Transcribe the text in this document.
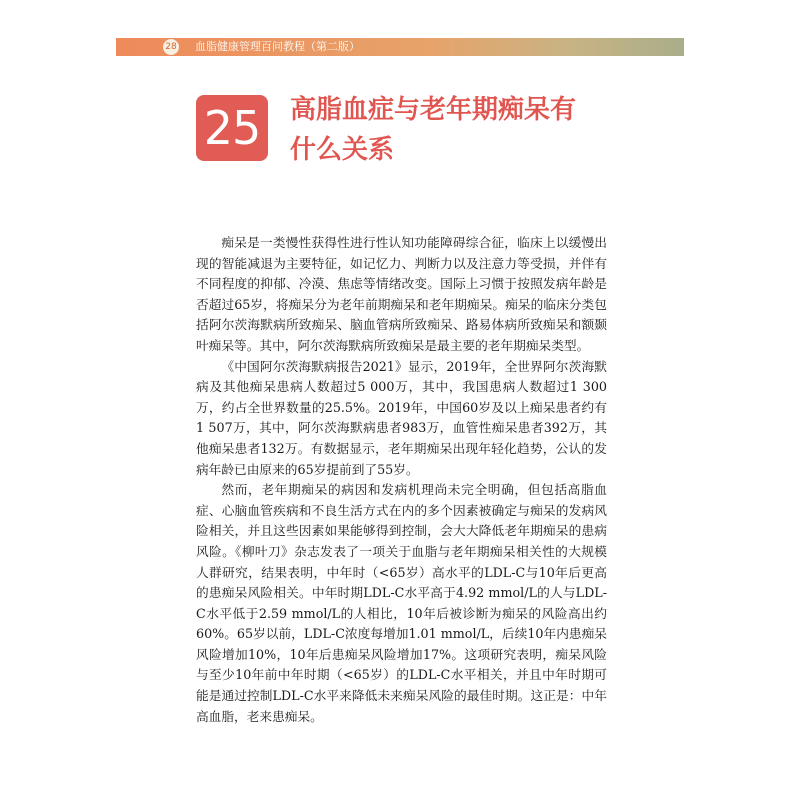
28 血脂健康管理百问教程（第二版）
25 高脂血症与老年期痴呆有
什么关系

痴呆是一类慢性获得性进行性认知功能障碍综合征，临床上以缓慢出现的智能减退为主要特征，如记忆力、判断力以及注意力等受损，并伴有不同程度的抑郁、冷漠、焦虑等情绪改变。国际上习惯于按照发病年龄是否超过65岁，将痴呆分为老年前期痴呆和老年期痴呆。痴呆的临床分类包括阿尔茨海默病所致痴呆、脑血管病所致痴呆、路易体病所致痴呆和额颞叶痴呆等。其中，阿尔茨海默病所致痴呆是最主要的老年期痴呆类型。

《中国阿尔茨海默病报告2021》显示，2019年，全世界阿尔茨海默病及其他痴呆患病人数超过5 000万，其中，我国患病人数超过1 300万，约占全世界数量的25.5%。2019年，中国60岁及以上痴呆患者约有1 507万，其中，阿尔茨海默病患者983万，血管性痴呆患者392万，其他痴呆患者132万。有数据显示，老年期痴呆出现年轻化趋势，公认的发病年龄已由原来的65岁提前到了55岁。

然而，老年期痴呆的病因和发病机理尚未完全明确，但包括高脂血症、心脑血管疾病和不良生活方式在内的多个因素被确定与痴呆的发病风险相关，并且这些因素如果能够得到控制，会大大降低老年期痴呆的患病风险。《柳叶刀》杂志发表了一项关于血脂与老年期痴呆相关性的大规模人群研究，结果表明，中年时（<65岁）高水平的LDL-C与10年后更高的患痴呆风险相关。中年时期LDL-C水平高于4.92 mmol/L的人与LDL-C水平低于2.59 mmol/L的人相比，10年后被诊断为痴呆的风险高出约60%。65岁以前，LDL-C浓度每增加1.01 mmol/L，后续10年内患痴呆风险增加10%，10年后患痴呆风险增加17%。这项研究表明，痴呆风险与至少10年前中年时期（<65岁）的LDL-C水平相关，并且中年时期可能是通过控制LDL-C水平来降低未来痴呆风险的最佳时期。这正是：中年高血脂，老来患痴呆。
